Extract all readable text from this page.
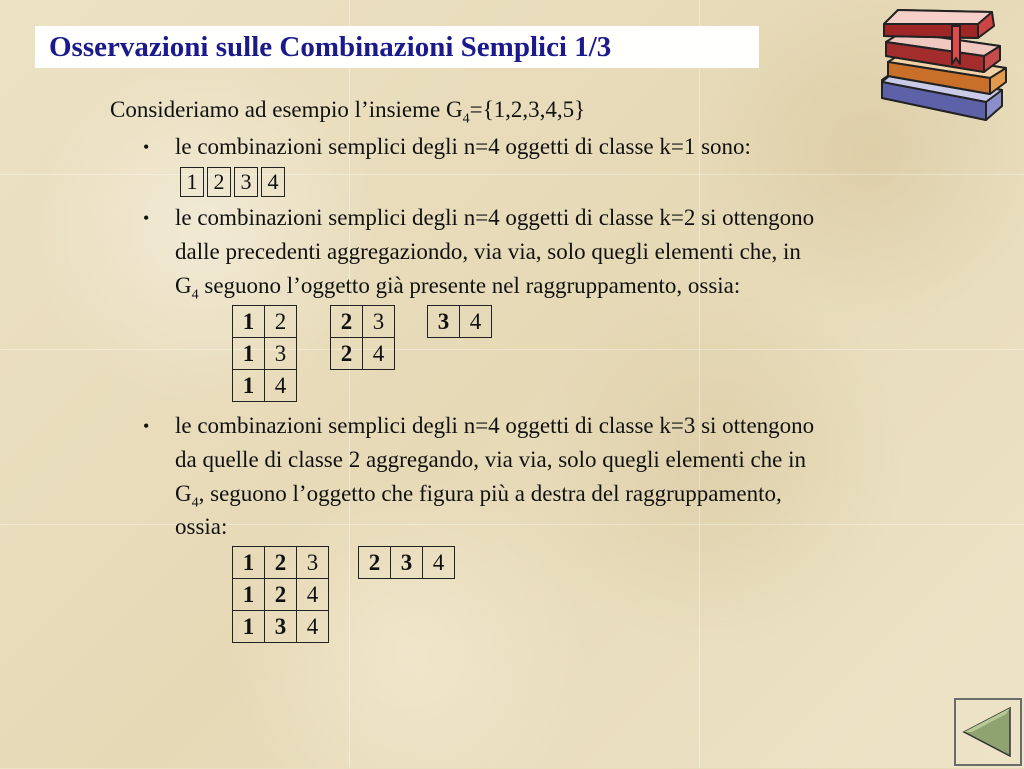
Osservazioni sulle Combinazioni Semplici 1/3
Consideriamo ad esempio l’insieme $G_4=\{1,2,3,4,5\}$
• le combinazioni semplici degli n=4 oggetti di classe k=1 sono:
1		2		3		4
• le combinazioni semplici degli n=4 oggetti di classe k=2 si ottengono
dalle precedenti aggregaziondo, via via, solo quegli elementi che, in
$G_4$ seguono l’oggetto già presente nel raggruppamento, ossia:
1	2
1	3
1	4
2	3
2	4
3	4
• le combinazioni semplici degli n=4 oggetti di classe k=3 si ottengono
da quelle di classe 2 aggregando, via via, solo quegli elementi che in
$G_4$, seguono l’oggetto che figura più a destra del raggruppamento,
ossia:
1	2	3
1	2	4
1	3	4
2	3	4
